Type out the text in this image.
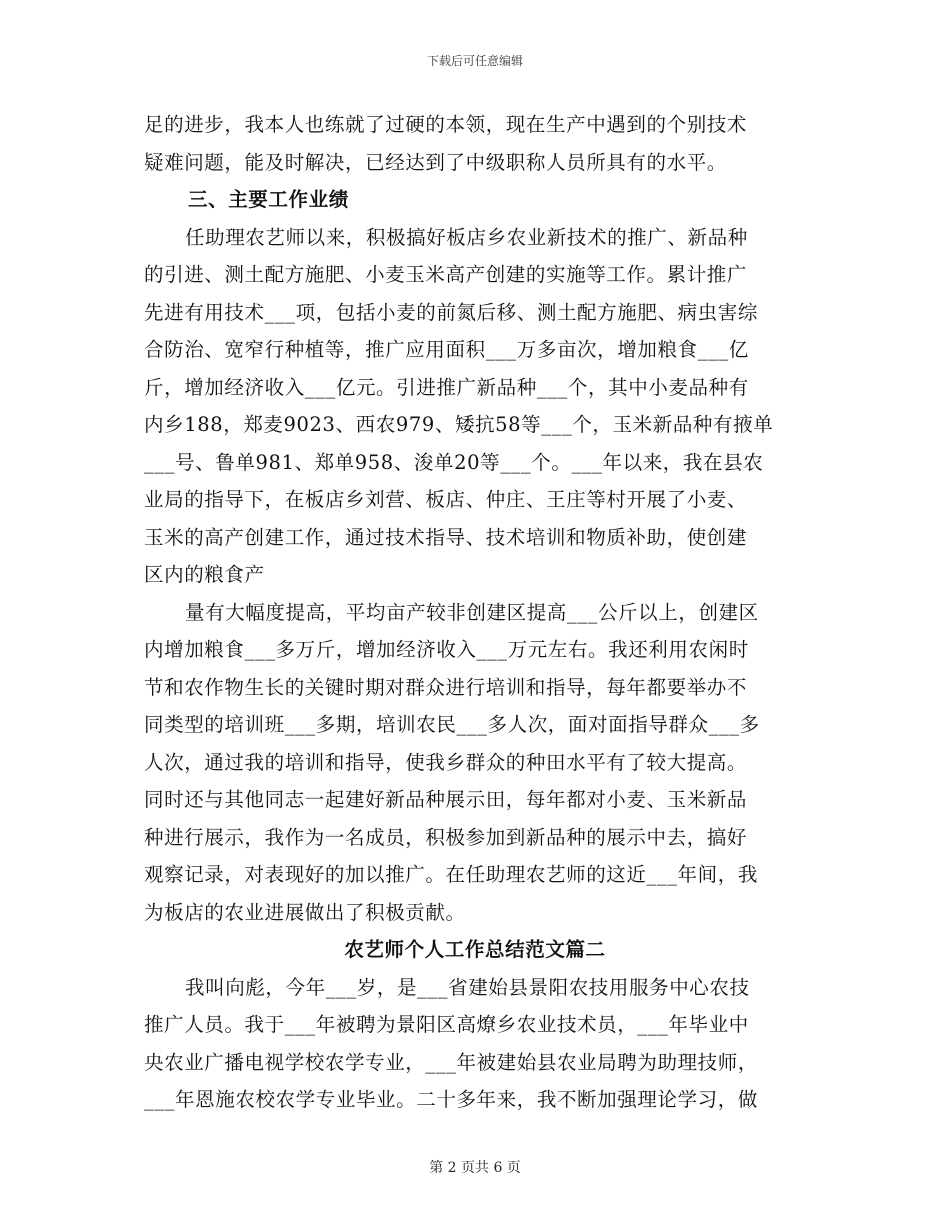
下载后可任意编辑
足的进步，我本人也练就了过硬的本领，现在生产中遇到的个别技术
疑难问题，能及时解决，已经达到了中级职称人员所具有的水平。
三、主要工作业绩
任助理农艺师以来，积极搞好板店乡农业新技术的推广、新品种
的引进、测土配方施肥、小麦玉米高产创建的实施等工作。累计推广
先进有用技术___项，包括小麦的前氮后移、测土配方施肥、病虫害综
合防治、宽窄行种植等，推广应用面积___万多亩次，增加粮食___亿
斤，增加经济收入___亿元。引进推广新品种___个，其中小麦品种有
内乡188，郑麦9023、西农979、矮抗58等___个，玉米新品种有掖单
___号、鲁单981、郑单958、浚单20等___个。___年以来，我在县农
业局的指导下，在板店乡刘营、板店、仲庄、王庄等村开展了小麦、
玉米的高产创建工作，通过技术指导、技术培训和物质补助，使创建
区内的粮食产
量有大幅度提高，平均亩产较非创建区提高___公斤以上，创建区
内增加粮食___多万斤，增加经济收入___万元左右。我还利用农闲时
节和农作物生长的关键时期对群众进行培训和指导，每年都要举办不
同类型的培训班___多期，培训农民___多人次，面对面指导群众___多
人次，通过我的培训和指导，使我乡群众的种田水平有了较大提高。
同时还与其他同志一起建好新品种展示田，每年都对小麦、玉米新品
种进行展示，我作为一名成员，积极参加到新品种的展示中去，搞好
观察记录，对表现好的加以推广。在任助理农艺师的这近___年间，我
为板店的农业进展做出了积极贡献。
农艺师个人工作总结范文篇二
我叫向彪，今年___岁，是___省建始县景阳农技用服务中心农技
推广人员。我于___年被聘为景阳区高燎乡农业技术员，___年毕业中
央农业广播电视学校农学专业，___年被建始县农业局聘为助理技师，
___年恩施农校农学专业毕业。二十多年来，我不断加强理论学习，做
第 2 页共 6 页
